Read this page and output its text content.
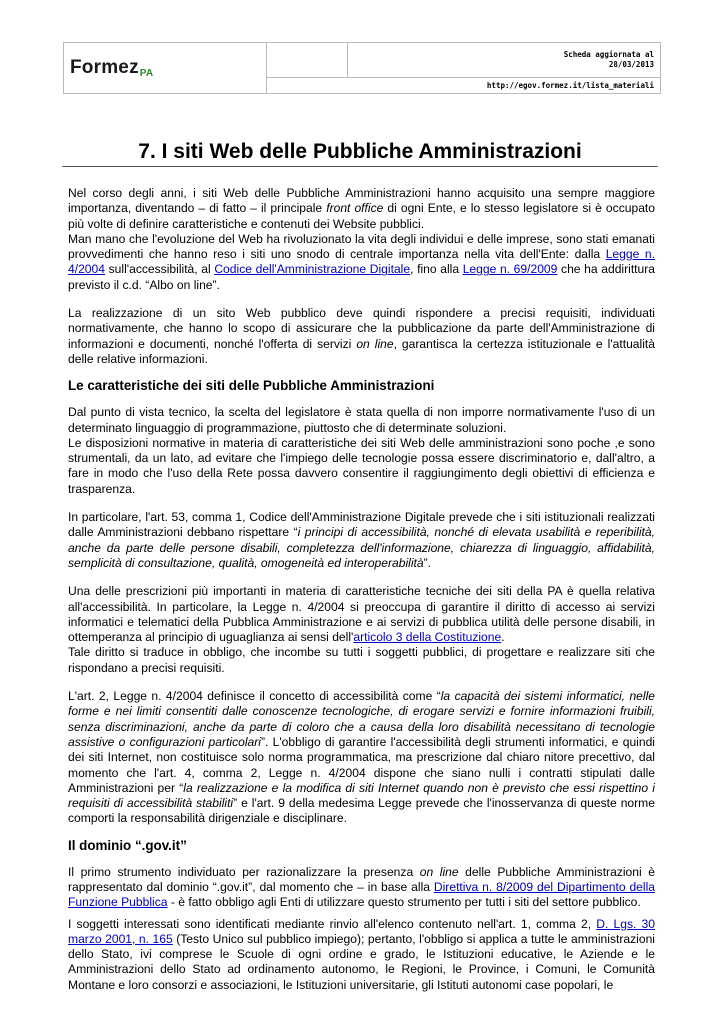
FormezPA		
Scheda aggiornata al
28/03/2013

http://egov.formez.it/lista_materiali
7. I siti Web delle Pubbliche Amministrazioni

Nel corso degli anni, i siti Web delle Pubbliche Amministrazioni hanno acquisito una sempre maggiore importanza, diventando – di fatto – il principale front office di ogni Ente, e lo stesso legislatore si è occupato più volte di definire caratteristiche e contenuti dei Website pubblici.

Man mano che l'evoluzione del Web ha rivoluzionato la vita degli individui e delle imprese, sono stati emanati provvedimenti che hanno reso i siti uno snodo di centrale importanza nella vita dell'Ente: dalla Legge n. 4/2004 sull'accessibilità, al Codice dell'Amministrazione Digitale, fino alla Legge n. 69/2009 che ha addirittura previsto il c.d. “Albo on line”.

La realizzazione di un sito Web pubblico deve quindi rispondere a precisi requisiti, individuati normativamente, che hanno lo scopo di assicurare che la pubblicazione da parte dell'Amministrazione di informazioni e documenti, nonché l'offerta di servizi on line, garantisca la certezza istituzionale e l'attualità delle relative informazioni.

Le caratteristiche dei siti delle Pubbliche Amministrazioni

Dal punto di vista tecnico, la scelta del legislatore è stata quella di non imporre normativamente l'uso di un determinato linguaggio di programmazione, piuttosto che di determinate soluzioni.

Le disposizioni normative in materia di caratteristiche dei siti Web delle amministrazioni sono poche ,e sono strumentali, da un lato, ad evitare che l'impiego delle tecnologie possa essere discriminatorio e, dall'altro, a fare in modo che l'uso della Rete possa davvero consentire il raggiungimento degli obiettivi di efficienza e trasparenza.

In particolare, l'art. 53, comma 1, Codice dell'Amministrazione Digitale prevede che i siti istituzionali realizzati dalle Amministrazioni debbano rispettare “i principi di accessibilità, nonché di elevata usabilità e reperibilità, anche da parte delle persone disabili, completezza dell'informazione, chiarezza di linguaggio, affidabilità, semplicità di consultazione, qualità, omogeneità ed interoperabilità”.

Una delle prescrizioni più importanti in materia di caratteristiche tecniche dei siti della PA è quella relativa all'accessibilità. In particolare, la Legge n. 4/2004 si preoccupa di garantire il diritto di accesso ai servizi informatici e telematici della Pubblica Amministrazione e ai servizi di pubblica utilità delle persone disabili, in ottemperanza al principio di uguaglianza ai sensi dell'articolo 3 della Costituzione.

Tale diritto si traduce in obbligo, che incombe su tutti i soggetti pubblici, di progettare e realizzare siti che rispondano a precisi requisiti.

L'art. 2, Legge n. 4/2004 definisce il concetto di accessibilità come “la capacità dei sistemi informatici, nelle forme e nei limiti consentiti dalle conoscenze tecnologiche, di erogare servizi e fornire informazioni fruibili, senza discriminazioni, anche da parte di coloro che a causa della loro disabilità necessitano di tecnologie assistive o configurazioni particolari”. L'obbligo di garantire l'accessibilità degli strumenti informatici, e quindi dei siti Internet, non costituisce solo norma programmatica, ma prescrizione dal chiaro nitore precettivo, dal momento che l'art. 4, comma 2, Legge n. 4/2004 dispone che siano nulli i contratti stipulati dalle Amministrazioni per “la realizzazione e la modifica di siti Internet quando non è previsto che essi rispettino i requisiti di accessibilità stabiliti” e l'art. 9 della medesima Legge prevede che l'inosservanza di queste norme comporti la responsabilità dirigenziale e disciplinare.

Il dominio “.gov.it”

Il primo strumento individuato per razionalizzare la presenza on line delle Pubbliche Amministrazioni è rappresentato dal dominio “.gov.it”, dal momento che – in base alla Direttiva n. 8/2009 del Dipartimento della Funzione Pubblica - è fatto obbligo agli Enti di utilizzare questo strumento per tutti i siti del settore pubblico.

I soggetti interessati sono identificati mediante rinvio all'elenco contenuto nell'art. 1, comma 2, D. Lgs. 30 marzo 2001, n. 165 (Testo Unico sul pubblico impiego); pertanto, l'obbligo si applica a tutte le amministrazioni dello Stato, ivi comprese le Scuole di ogni ordine e grado, le Istituzioni educative, le Aziende e le Amministrazioni dello Stato ad ordinamento autonomo, le Regioni, le Province, i Comuni, le Comunità Montane e loro consorzi e associazioni, le Istituzioni universitarie, gli Istituti autonomi case popolari, le
